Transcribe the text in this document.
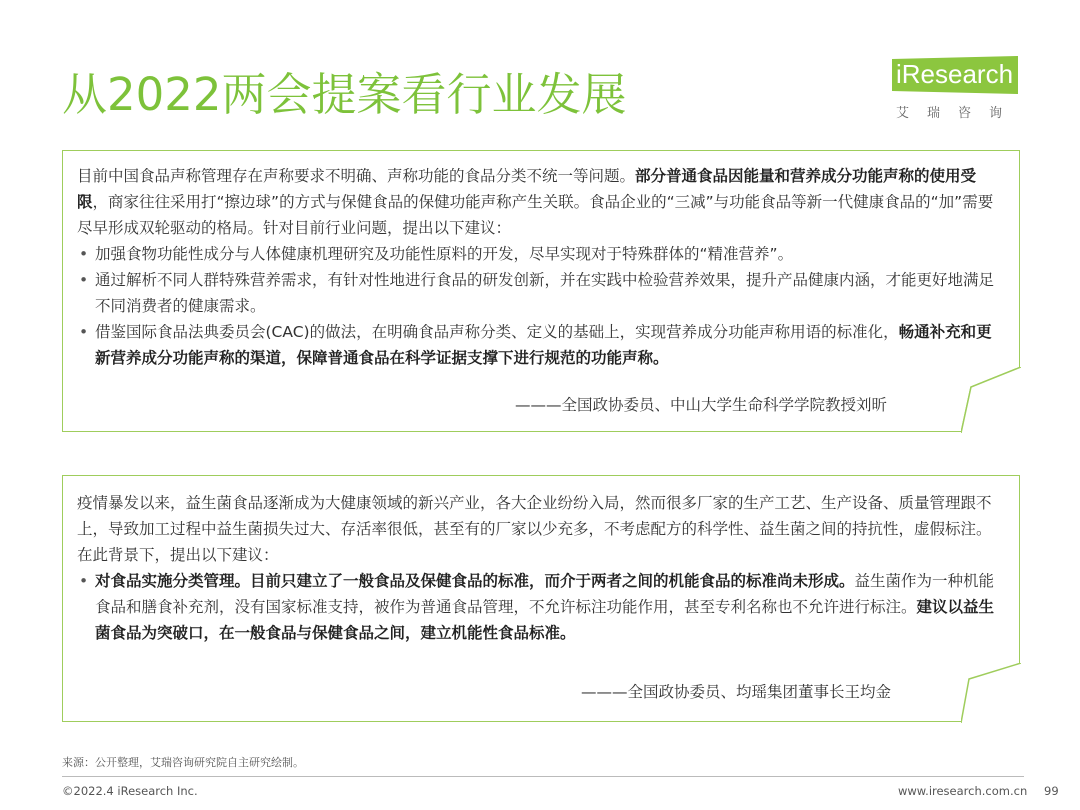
从2022两会提案看行业发展	iResearch
艾瑞咨询

目前中国食品声称管理存在声称要求不明确、声称功能的食品分类不统一等问题。部分普通食品因能量和营养成分功能声称的使用受限，商家往往采用打“擦边球”的方式与保健食品的保健功能声称产生关联。食品企业的“三减”与功能食品等新一代健康食品的“加”需要尽早形成双轮驱动的格局。针对目前行业问题，提出以下建议：

• 加强食物功能性成分与人体健康机理研究及功能性原料的开发，尽早实现对于特殊群体的“精准营养”。

• 通过解析不同人群特殊营养需求，有针对性地进行食品的研发创新，并在实践中检验营养效果，提升产品健康内涵，才能更好地满足不同消费者的健康需求。

• 借鉴国际食品法典委员会(CAC)的做法，在明确食品声称分类、定义的基础上，实现营养成分功能声称用语的标准化，畅通补充和更新营养成分功能声称的渠道，保障普通食品在科学证据支撑下进行规范的功能声称。

———全国政协委员、中山大学生命科学学院教授刘昕

疫情暴发以来，益生菌食品逐渐成为大健康领域的新兴产业，各大企业纷纷入局，然而很多厂家的生产工艺、生产设备、质量管理跟不上，导致加工过程中益生菌损失过大、存活率很低，甚至有的厂家以少充多，不考虑配方的科学性、益生菌之间的持抗性，虚假标注。在此背景下，提出以下建议：

• 对食品实施分类管理。目前只建立了一般食品及保健食品的标准，而介于两者之间的机能食品的标准尚未形成。益生菌作为一种机能食品和膳食补充剂，没有国家标准支持，被作为普通食品管理，不允许标注功能作用，甚至专利名称也不允许进行标注。建议以益生菌食品为突破口，在一般食品与保健食品之间，建立机能性食品标准。

———全国政协委员、均瑶集团董事长王均金
来源：公开整理，艾瑞咨询研究院自主研究绘制。
©2022.4 iResearch Inc.	www.iresearch.com.cn 99
